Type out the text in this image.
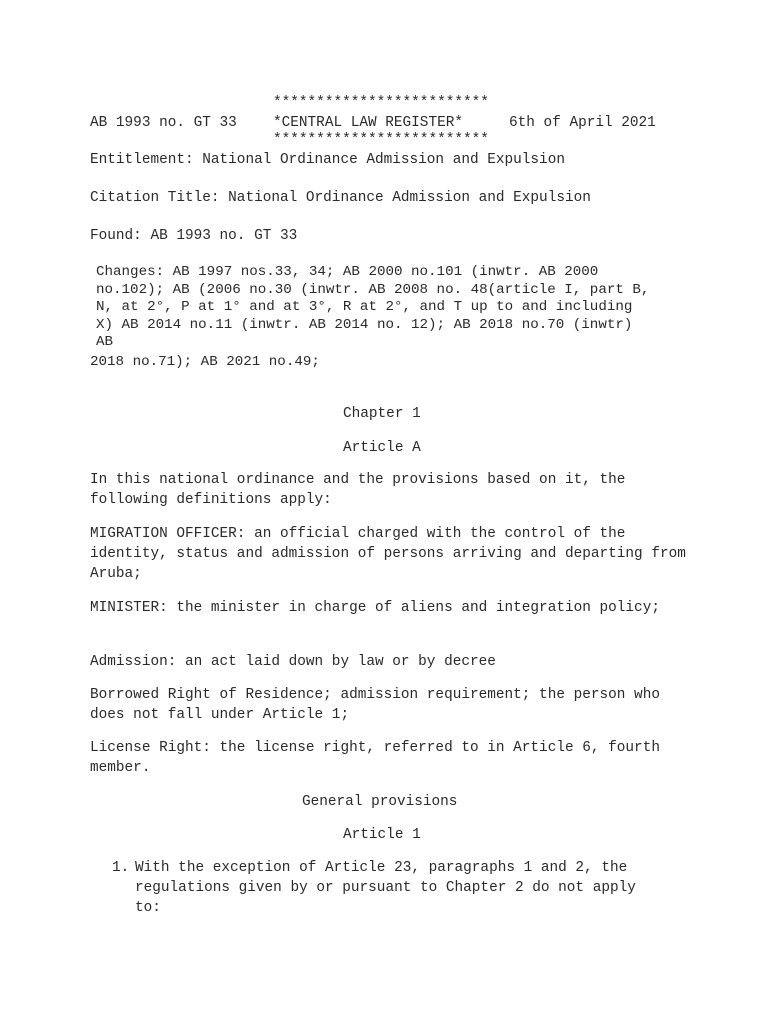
*************************
AB 1993 no. GT 33	*CENTRAL LAW REGISTER*	6th of April 2021
*************************
Entitlement: National Ordinance Admission and Expulsion
Citation Title: National Ordinance Admission and Expulsion
Found: AB 1993 no. GT 33

Changes: AB 1997 nos.33, 34; AB 2000 no.101 (inwtr. AB 2000 no.102); AB (2006 no.30 (inwtr. AB 2008 no. 48(article I, part B, N, at 2°, P at 1° and at 3°, R at 2°, and T up to and including X) AB 2014 no.11 (inwtr. AB 2014 no. 12); AB 2018 no.70 (inwtr) AB

2018 no.71); AB 2021 no.49;
Chapter 1
Article A

In this national ordinance and the provisions based on it, the following definitions apply:

MIGRATION OFFICER: an official charged with the control of the identity, status and admission of persons arriving and departing from Aruba;

MINISTER: the minister in charge of aliens and integration policy;

Admission: an act laid down by law or by decree

Borrowed Right of Residence; admission requirement; the person who does not fall under Article 1;

License Right: the license right, referred to in Article 6, fourth member.

General provisions
Article 1
1. With the exception of Article 23, paragraphs 1 and 2, the regulations given by or pursuant to Chapter 2 do not apply to:
